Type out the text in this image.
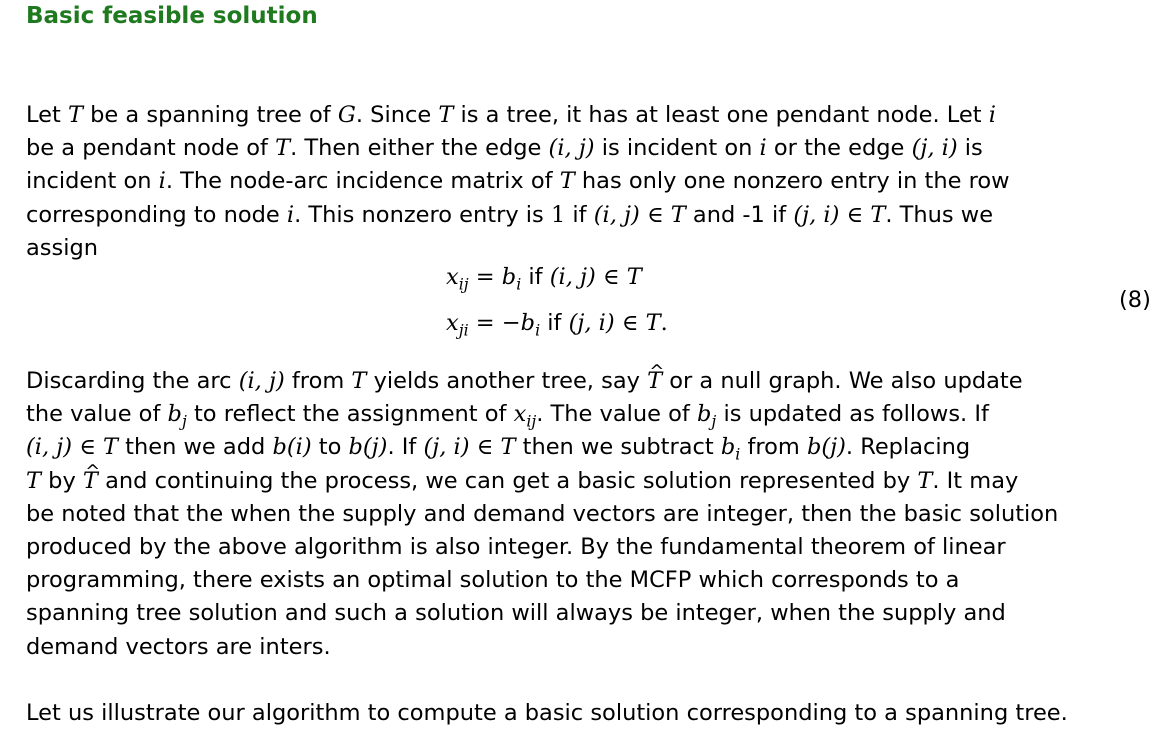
Basic feasible solution
Let T be a spanning tree of G. Since T is a tree, it has at least one pendant node. Let i
be a pendant node of T. Then either the edge (i, j) is incident on i or the edge (j, i) is
incident on i. The node-arc incidence matrix of T has only one nonzero entry in the row
corresponding to node i. This nonzero entry is 1 if (i, j) ∈ T and -1 if (j, i) ∈ T. Thus we
assign
$x_{ij} = b_i$ if (i, j) ∈ T
$x_{ji} = -b_i$ if (j, i) ∈ T.
(8)
Discarding the arc (i, j) from T yields another tree, say ^ T or a null graph. We also update
the value of $b_j$ to reflect the assignment of $x_{ij}$. The value of $b_j$ is updated as follows. If
(i, j) ∈ T then we add b(i) to b(j). If (j, i) ∈ T then we subtract $b_i$ from b(j). Replacing
T by ^ T and continuing the process, we can get a basic solution represented by T. It may
be noted that the when the supply and demand vectors are integer, then the basic solution
produced by the above algorithm is also integer. By the fundamental theorem of linear
programming, there exists an optimal solution to the MCFP which corresponds to a
spanning tree solution and such a solution will always be integer, when the supply and
demand vectors are inters.
Let us illustrate our algorithm to compute a basic solution corresponding to a spanning tree.
